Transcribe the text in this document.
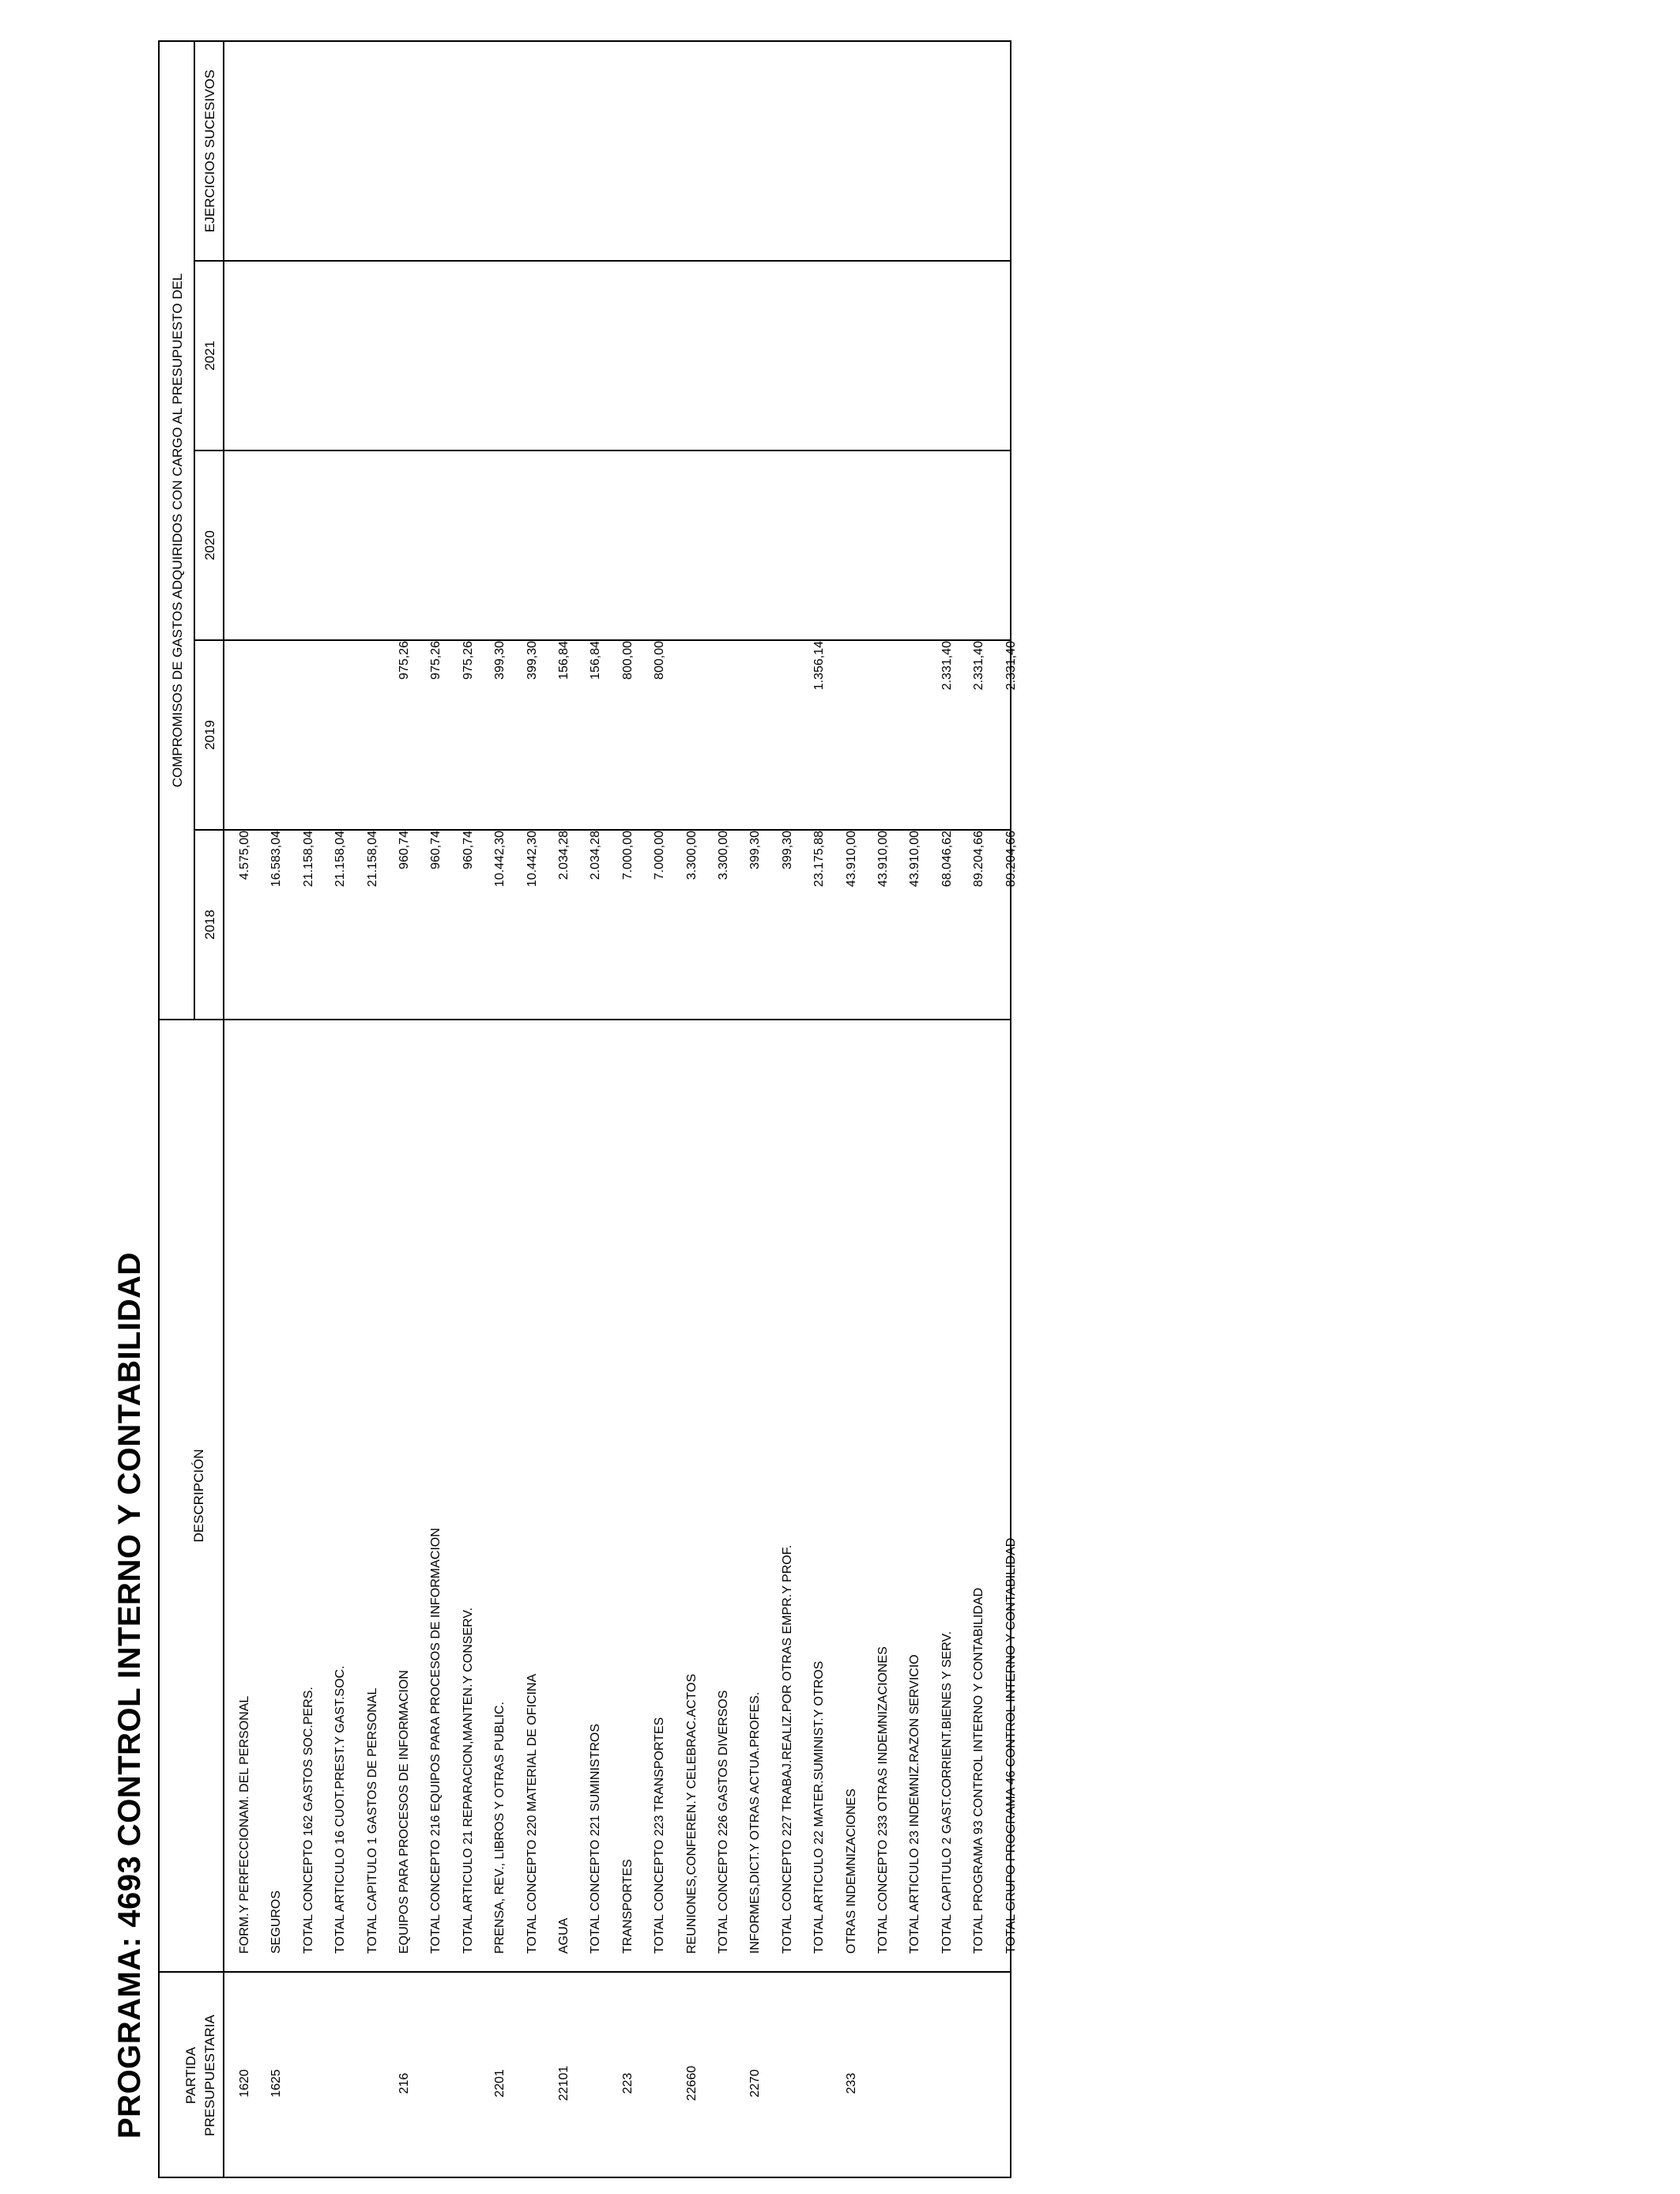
PROGRAMA: 4693 CONTROL INTERNO Y CONTABILIDAD	PARTIDA PRESUPUESTARIA
DESCRIPCIÓN
COMPROMISOS DE GASTOS ADQUIRIDOS CON CARGO AL PRESUPUESTO DEL
2018
2019
2020
2021
EJERCICIOS SUCESIVOS
1620
FORM.Y PERFECCIONAM. DEL PERSONAL
4.575,00
1625
SEGUROS
16.583,04
TOTAL CONCEPTO 162 GASTOS SOC.PERS.
21.158,04
TOTAL ARTICULO 16 CUOT.PREST.Y GAST.SOC.
21.158,04
TOTAL CAPITULO 1 GASTOS DE PERSONAL
21.158,04
216
EQUIPOS PARA PROCESOS DE INFORMACION
960,74
975,26
TOTAL CONCEPTO 216 EQUIPOS PARA PROCESOS DE INFORMACION
960,74
975,26
TOTAL ARTICULO 21 REPARACION,MANTEN.Y CONSERV.
960,74
975,26
2201
PRENSA, REV., LIBROS Y OTRAS PUBLIC.
10.442,30
399,30
TOTAL CONCEPTO 220 MATERIAL DE OFICINA
10.442,30
399,30
22101
AGUA
2.034,28
156,84
TOTAL CONCEPTO 221 SUMINISTROS
2.034,28
156,84
223
TRANSPORTES
7.000,00
800,00
TOTAL CONCEPTO 223 TRANSPORTES
7.000,00
800,00
22660
REUNIONES,CONFEREN.Y CELEBRAC.ACTOS
3.300,00
TOTAL CONCEPTO 226 GASTOS DIVERSOS
3.300,00
2270
INFORMES,DICT.Y OTRAS ACTUA.PROFES.
399,30
TOTAL CONCEPTO 227 TRABAJ.REALIZ.POR OTRAS EMPR.Y PROF.
399,30
TOTAL ARTICULO 22 MATER.SUMINIST.Y OTROS
23.175,88
1.356,14
233
OTRAS INDEMNIZACIONES
43.910,00
TOTAL CONCEPTO 233 OTRAS INDEMNIZACIONES
43.910,00
TOTAL ARTICULO 23 INDEMNIZ.RAZON SERVICIO
43.910,00
TOTAL CAPITULO 2 GAST.CORRIENT.BIENES Y SERV.
68.046,62
2.331,40
TOTAL PROGRAMA 93 CONTROL INTERNO Y CONTABILIDAD
89.204,66
2.331,40
TOTAL GRUPO PROGRAMA 46 CONTROL INTERNO Y CONTABILIDAD
89.204,66
2.331,40
